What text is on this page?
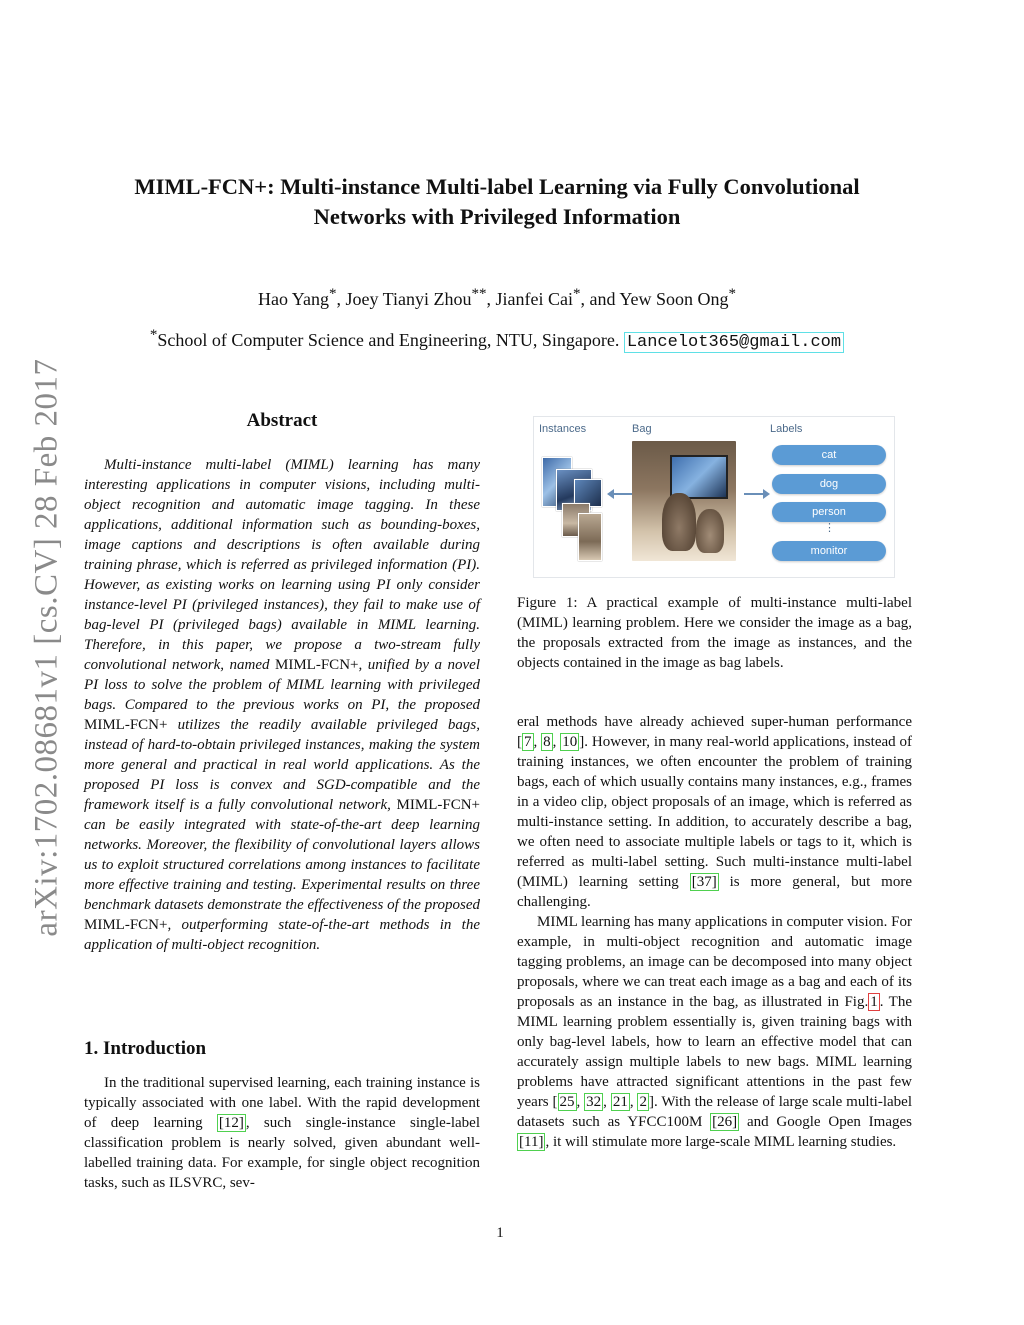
arXiv:1702.08681v1 [cs.CV] 28 Feb 2017
MIML-FCN+: Multi-instance Multi-label Learning via Fully Convolutional
Networks with Privileged Information
Hao Yang*, Joey Tianyi Zhou**, Jianfei Cai*, and Yew Soon Ong*
*School of Computer Science and Engineering, NTU, Singapore. Lancelot365@gmail.com
Abstract
Multi-instance multi-label (MIML) learning has many interesting applications in computer visions, including multi-object recognition and automatic image tagging. In these applications, additional information such as bounding-boxes, image captions and descriptions is often available during training phrase, which is referred as privileged information (PI). However, as existing works on learning using PI only consider instance-level PI (privileged instances), they fail to make use of bag-level PI (privileged bags) available in MIML learning. Therefore, in this paper, we propose a two-stream fully convolutional network, named MIML-FCN+, unified by a novel PI loss to solve the problem of MIML learning with privileged bags. Compared to the previous works on PI, the proposed MIML-FCN+ utilizes the readily available privileged bags, instead of hard-to-obtain privileged instances, making the system more general and practical in real world applications. As the proposed PI loss is convex and SGD-compatible and the framework itself is a fully convolutional network, MIML-FCN+ can be easily integrated with state-of-the-art deep learning networks. Moreover, the flexibility of convolutional layers allows us to exploit structured correlations among instances to facilitate more effective training and testing. Experimental results on three benchmark datasets demonstrate the effectiveness of the proposed MIML-FCN+, outperforming state-of-the-art methods in the application of multi-object recognition.
1. Introduction
In the traditional supervised learning, each training instance is typically associated with one label. With the rapid development of deep learning [12] , such single-instance single-label classification problem is nearly solved, given abundant well-labelled training data. For example, for single object recognition tasks, such as ILSVRC, sev-
Instances	Bag	Labels
cat
dog
person
⋮
monitor
Figure 1: A practical example of multi-instance multi-label (MIML) learning problem. Here we consider the image as a bag, the proposals extracted from the image as instances, and the objects contained in the image as bag labels.

eral methods have already achieved super-human performance [ 7 , 8 , 10 ]. However, in many real-world applications, instead of training instances, we often encounter the problem of training bags, each of which usually contains many instances, e.g., frames in a video clip, object proposals of an image, which is referred as multi-instance setting. In addition, to accurately describe a bag, we often need to associate multiple labels or tags to it, which is referred as multi-label setting. Such multi-instance multi-label (MIML) learning setting [37] is more general, but more challenging.

MIML learning has many applications in computer vision. For example, in multi-object recognition and automatic image tagging problems, an image can be decomposed into many object proposals, where we can treat each image as a bag and each of its proposals as an instance in the bag, as illustrated in Fig. 1 . The MIML learning problem essentially is, given training bags with only bag-level labels, how to learn an effective model that can accurately assign multiple labels to new bags. MIML learning problems have attracted significant attentions in the past few years [ 25 , 32 , 21 , 2 ]. With the release of large scale multi-label datasets such as YFCC100M [26] and Google Open Images [11] , it will stimulate more large-scale MIML learning studies.

1
